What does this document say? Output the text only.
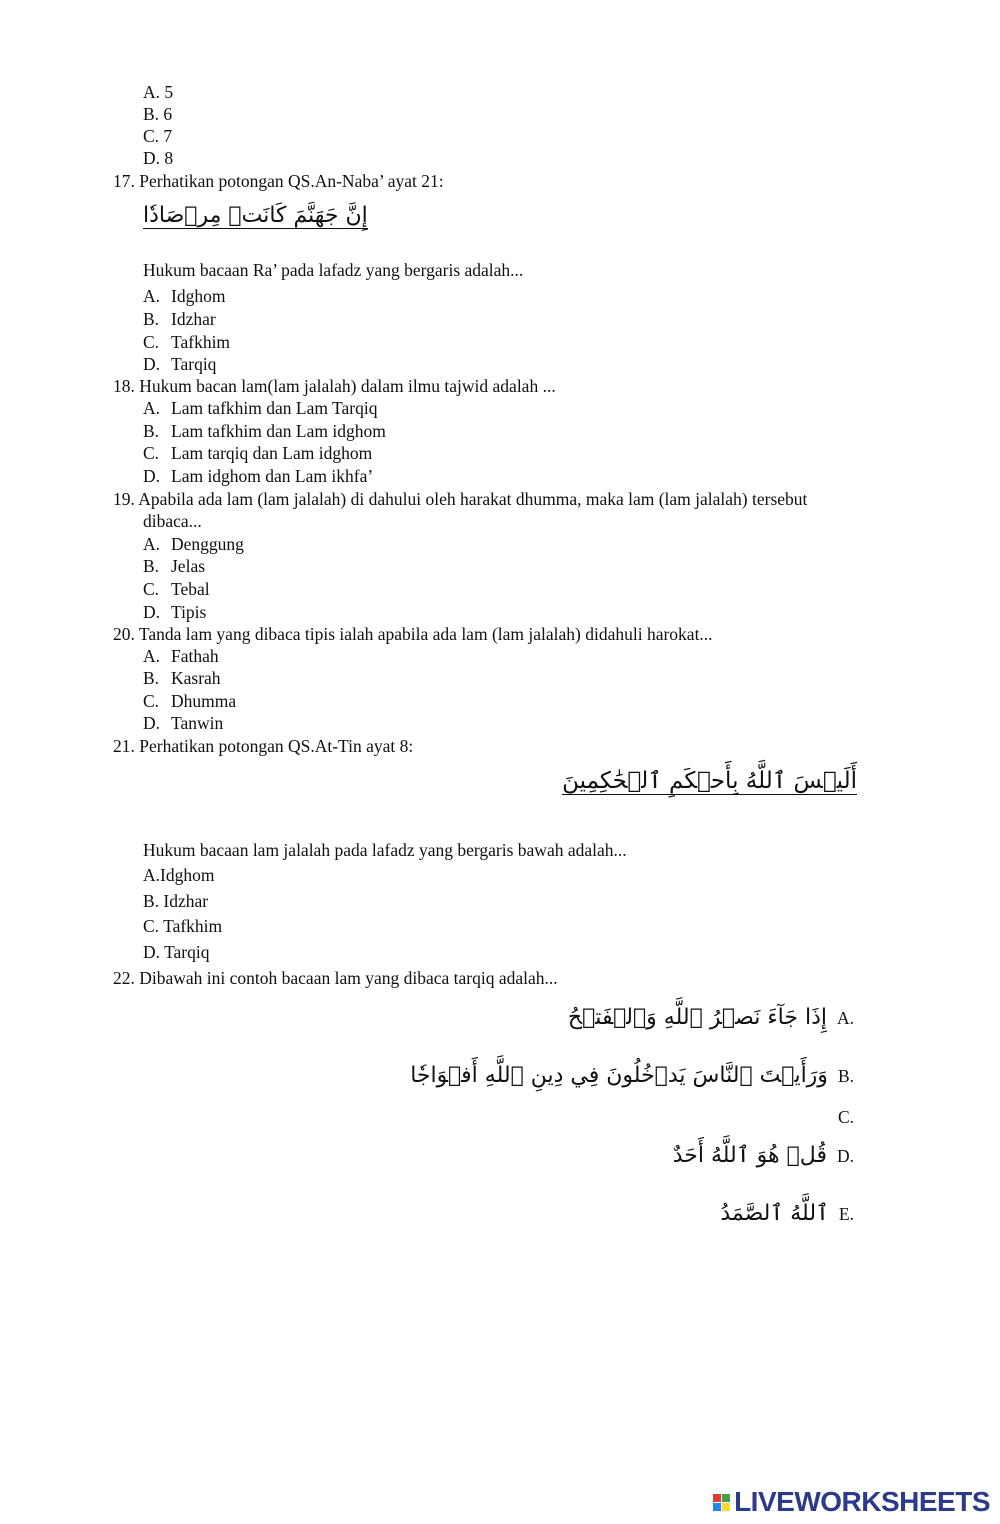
A. 5
B. 6
C. 7
D. 8
17. Perhatikan potongan QS.An-Naba’ ayat 21:
إِنَّ جَهَنَّمَ كَانَتۡ مِرۡصَادٗا
Hukum bacaan Ra’ pada lafadz yang bergaris adalah...
A. Idghom
B. Idzhar
C. Tafkhim
D. Tarqiq
18. Hukum bacan lam(lam jalalah) dalam ilmu tajwid adalah ...
A. Lam tafkhim dan Lam Tarqiq
B. Lam tafkhim dan Lam idghom
C. Lam tarqiq dan Lam idghom
D. Lam idghom dan Lam ikhfa’
19. Apabila ada lam (lam jalalah) di dahului oleh harakat dhumma, maka lam (lam jalalah) tersebut
dibaca...
A. Denggung
B. Jelas
C. Tebal
D. Tipis
20. Tanda lam yang dibaca tipis ialah apabila ada lam (lam jalalah) didahuli harokat...
A. Fathah
B. Kasrah
C. Dhumma
D. Tanwin
21. Perhatikan potongan QS.At-Tin ayat 8:
أَلَيۡسَ ٱللَّهُ بِأَحۡكَمِ ٱلۡحَٰكِمِينَ
Hukum bacaan lam jalalah pada lafadz yang bergaris bawah adalah...
A.Idghom
B. Idzhar
C. Tafkhim
D. Tarqiq
22. Dibawah ini contoh bacaan lam yang dibaca tarqiq adalah...
.Aإِذَا جَآءَ نَصۡرُ ٱللَّهِ وَٱلۡفَتۡحُ
.Bوَرَأَيۡتَ ٱلنَّاسَ يَدۡخُلُونَ فِي دِينِ ٱللَّهِ أَفۡوَاجٗا
.C
.Dقُلۡ هُوَ ٱللَّهُ أَحَدٌ
.Eٱللَّهُ ٱلصَّمَدُ
LIVEWORKSHEETS
